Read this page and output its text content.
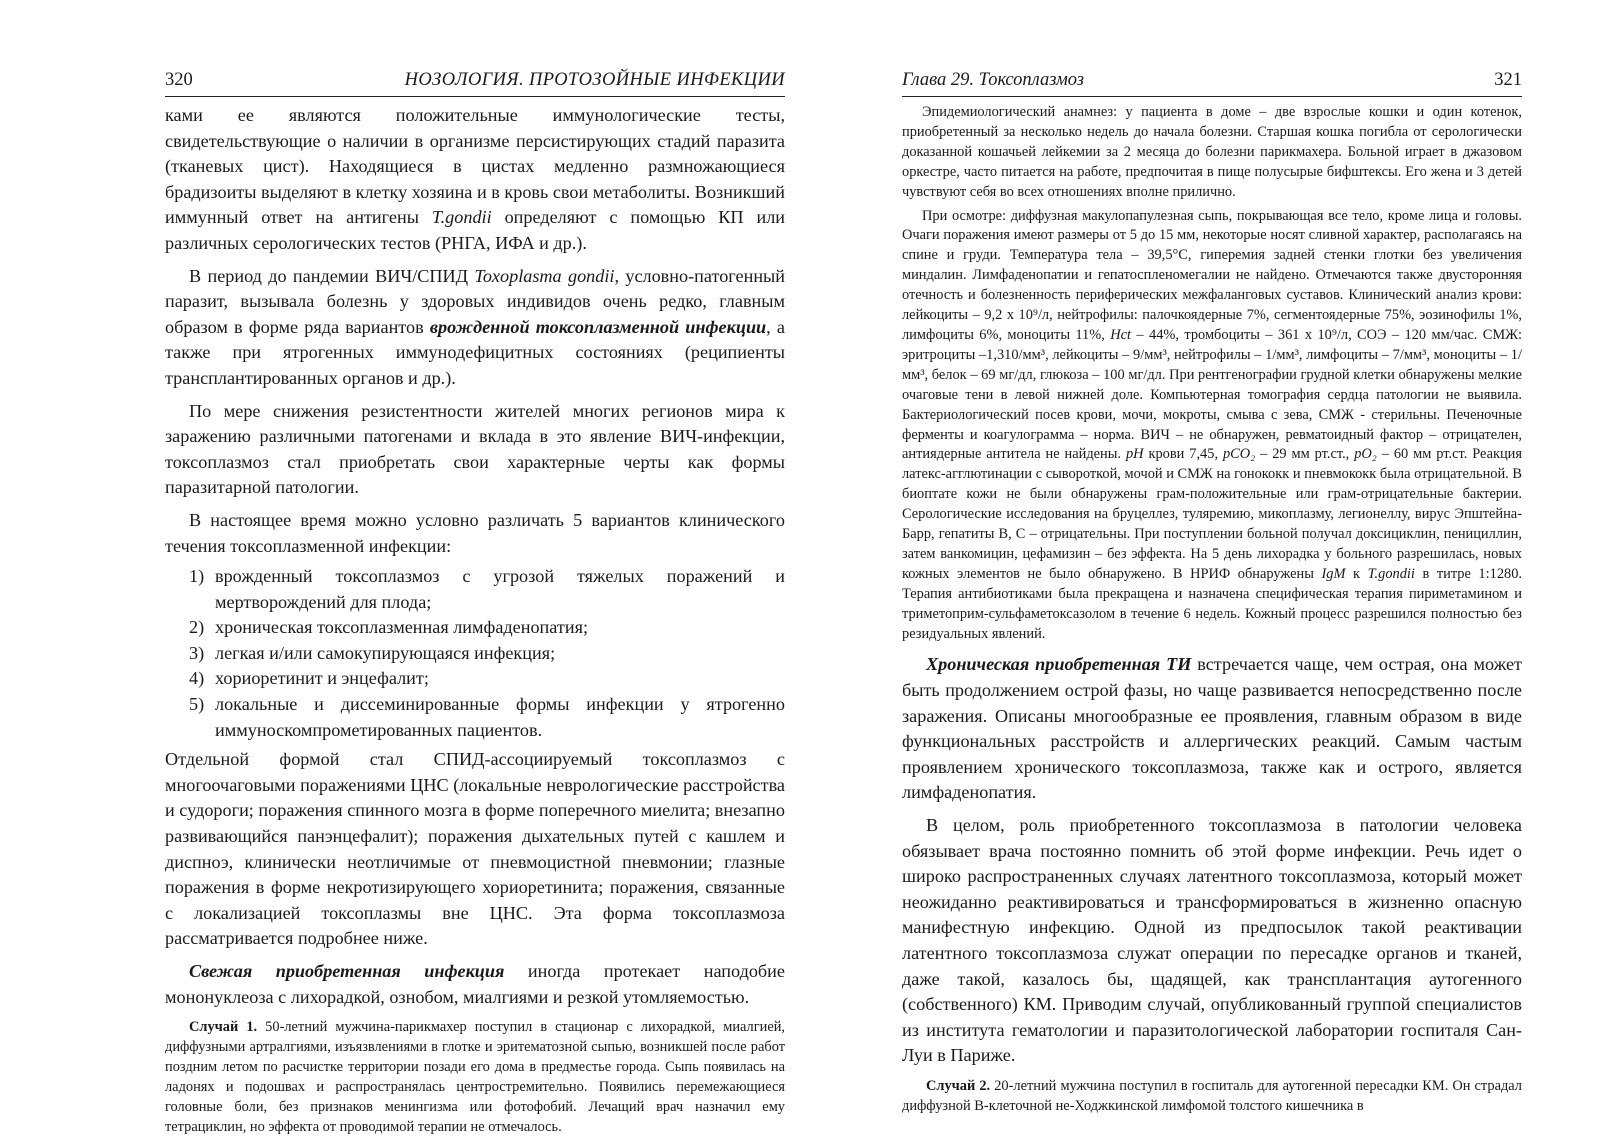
320	НОЗОЛОГИЯ. ПРОТОЗОЙНЫЕ ИНФЕКЦИИ

ками ее являются положительные иммунологические тесты, свидетельствующие о наличии в организме персистирующих стадий паразита (тканевых цист). Находящиеся в цистах медленно размножающиеся брадизоиты выделяют в клетку хозяина и в кровь свои метаболиты. Возникший иммунный ответ на антигены T.gondii определяют с помощью КП или различных серологических тестов (РНГА, ИФА и др.).

В период до пандемии ВИЧ/СПИД Toxoplasma gondii, условно-патогенный паразит, вызывала болезнь у здоровых индивидов очень редко, главным образом в форме ряда вариантов врожденной токсоплазменной инфекции, а также при ятрогенных иммунодефицитных состояниях (реципиенты трансплантированных органов и др.).

По мере снижения резистентности жителей многих регионов мира к заражению различными патогенами и вклада в это явление ВИЧ-инфекции, токсоплазмоз стал приобретать свои характерные черты как формы паразитарной патологии.

В настоящее время можно условно различать 5 вариантов клинического течения токсоплазменной инфекции:

1) врожденный токсоплазмоз с угрозой тяжелых поражений и мертворождений для плода;
2) хроническая токсоплазменная лимфаденопатия;
3) легкая и/или самокупирующаяся инфекция;
4) хориоретинит и энцефалит;
5) локальные и диссеминированные формы инфекции у ятрогенно иммуноскомпрометированных пациентов.

Отдельной формой стал СПИД-ассоциируемый токсоплазмоз с многоочаговыми поражениями ЦНС (локальные неврологические расстройства и судороги; поражения спинного мозга в форме поперечного миелита; внезапно развивающийся панэнцефалит); поражения дыхательных путей с кашлем и диспноэ, клинически неотличимые от пневмоцистной пневмонии; глазные поражения в форме некротизирующего хориоретинита; поражения, связанные с локализацией токсоплазмы вне ЦНС. Эта форма токсоплазмоза рассматривается подробнее ниже.

Свежая приобретенная инфекция иногда протекает наподобие мононуклеоза с лихорадкой, ознобом, миалгиями и резкой утомляемостью.

Случай 1. 50-летний мужчина-парикмахер поступил в стационар с лихорадкой, миалгией, диффузными артралгиями, изъязвлениями в глотке и эритематозной сыпью, возникшей после работ поздним летом по расчистке территории позади его дома в предместье города. Сыпь появилась на ладонях и подошвах и распространялась центростремительно. Появились перемежающиеся головные боли, без признаков менингизма или фотофобий. Лечащий врач назначил ему тетрациклин, но эффекта от проводимой терапии не отмечалось.

Глава 29. Токсоплазмоз	321

Эпидемиологический анамнез: у пациента в доме – две взрослые кошки и один котенок, приобретенный за несколько недель до начала болезни. Старшая кошка погибла от серологически доказанной кошачьей лейкемии за 2 месяца до болезни парикмахера. Больной играет в джазовом оркестре, часто питается на работе, предпочитая в пище полусырые бифштексы. Его жена и 3 детей чувствуют себя во всех отношениях вполне прилично.

При осмотре: диффузная макулопапулезная сыпь, покрывающая все тело, кроме лица и головы. Очаги поражения имеют размеры от 5 до 15 мм, некоторые носят сливной характер, располагаясь на спине и груди. Температура тела – 39,5°С, гиперемия задней стенки глотки без увеличения миндалин. Лимфаденопатии и гепатоспленомегалии не найдено. Отмечаются также двусторонняя отечность и болезненность периферических межфаланговых суставов. Клинический анализ крови: лейкоциты – 9,2 х 10⁹/л, нейтрофилы: палочкоядерные 7%, сегментоядерные 75%, эозинофилы 1%, лимфоциты 6%, моноциты 11%, Hct – 44%, тромбоциты – 361 х 10⁹/л, СОЭ – 120 мм/час. СМЖ: эритроциты –1,310/мм³, лейкоциты – 9/мм³, нейтрофилы – 1/мм³, лимфоциты – 7/мм³, моноциты – 1/мм³, белок – 69 мг/дл, глюкоза – 100 мг/дл. При рентгенографии грудной клетки обнаружены мелкие очаговые тени в левой нижней доле. Компьютерная томография сердца патологии не выявила. Бактериологический посев крови, мочи, мокроты, смыва с зева, СМЖ - стерильны. Печеночные ферменты и коагулограмма – норма. ВИЧ – не обнаружен, ревматоидный фактор – отрицателен, антиядерные антитела не найдены. pH крови 7,45, pCO₂ – 29 мм рт.ст., pO₂ – 60 мм рт.ст. Реакция латекс-агглютинации с сывороткой, мочой и СМЖ на гонококк и пневмококк была отрицательной. В биоптате кожи не были обнаружены грам-положительные или грам-отрицательные бактерии. Серологические исследования на бруцеллез, туляремию, микоплазму, легионеллу, вирус Эпштейна-Барр, гепатиты В, С – отрицательны. При поступлении больной получал доксициклин, пенициллин, затем ванкомицин, цефамизин – без эффекта. На 5 день лихорадка у больного разрешилась, новых кожных элементов не было обнаружено. В НРИФ обнаружены IgM к T.gondii в титре 1:1280. Терапия антибиотиками была прекращена и назначена специфическая терапия пириметамином и триметоприм-сульфаметоксазолом в течение 6 недель. Кожный процесс разрешился полностью без резидуальных явлений.

Хроническая приобретенная ТИ встречается чаще, чем острая, она может быть продолжением острой фазы, но чаще развивается непосредственно после заражения. Описаны многообразные ее проявления, главным образом в виде функциональных расстройств и аллергических реакций. Самым частым проявлением хронического токсоплазмоза, также как и острого, является лимфаденопатия.

В целом, роль приобретенного токсоплазмоза в патологии человека обязывает врача постоянно помнить об этой форме инфекции. Речь идет о широко распространенных случаях латентного токсоплазмоза, который может неожиданно реактивироваться и трансформироваться в жизненно опасную манифестную инфекцию. Одной из предпосылок такой реактивации латентного токсоплазмоза служат операции по пересадке органов и тканей, даже такой, казалось бы, щадящей, как трансплантация аутогенного (собственного) КМ. Приводим случай, опубликованный группой специалистов из института гематологии и паразитологической лаборатории госпиталя Сан-Луи в Париже.

Случай 2. 20-летний мужчина поступил в госпиталь для аутогенной пересадки КМ. Он страдал диффузной В-клеточной не-Ходжкинской лимфомой толстого кишечника в
